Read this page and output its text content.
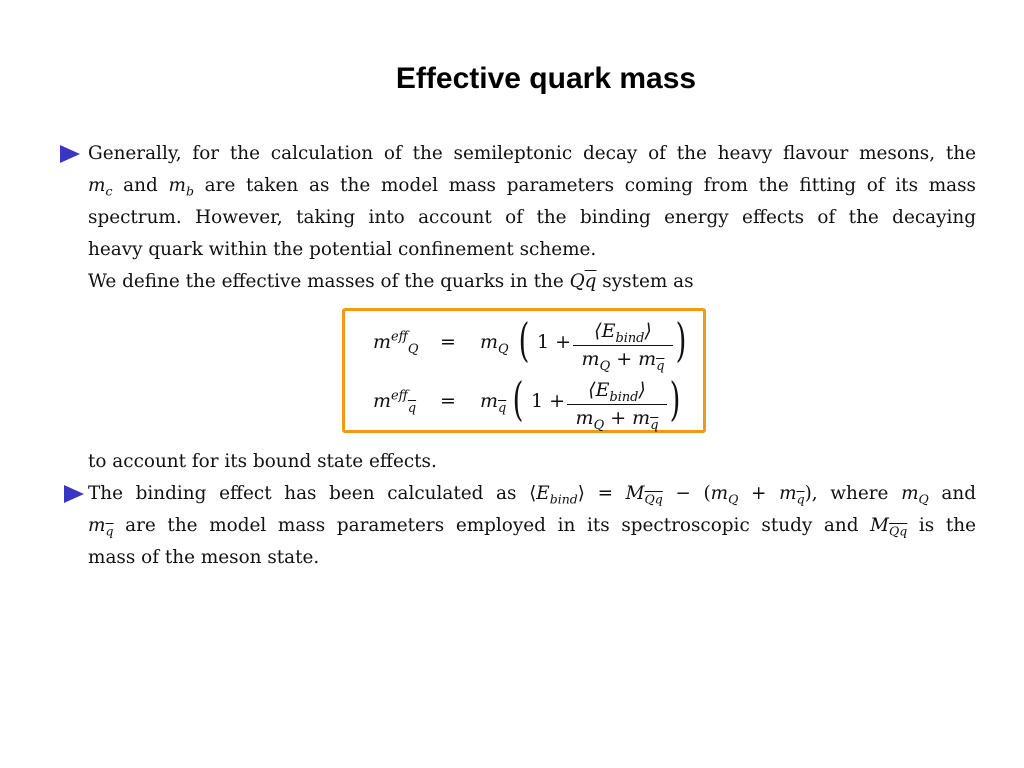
Effective quark mass
Generally, for the calculation of the semileptonic decay of the heavy flavour mesons, the
$m_c$ and $m_b$ are taken as the model mass parameters coming from the fitting of its mass
spectrum. However, taking into account of the binding energy effects of the decaying
heavy quark within the potential confinement scheme.
We define the effective masses of the quarks in the $Q\overline{q}$ system as
$m^{eff}_Q = m_Q$ ( 1 +	$⟨E_{bind}⟩$
$m_Q + m_{\overline{q}}$ )
$m^{eff}_{\overline{q}} = m_{\overline{q}}$ ( 1 +	$⟨E_{bind}⟩$
$m_Q + m_{\overline{q}}$ )
to account for its bound state effects.
The binding effect has been calculated as $⟨E_{bind}⟩ = M_{\overline{Qq}} - (m_Q + m_{\overline{q}})$, where $m_Q$ and
$m_{\overline{q}}$ are the model mass parameters employed in its spectroscopic study and $M_{\overline{Qq}}$ is the
mass of the meson state.
